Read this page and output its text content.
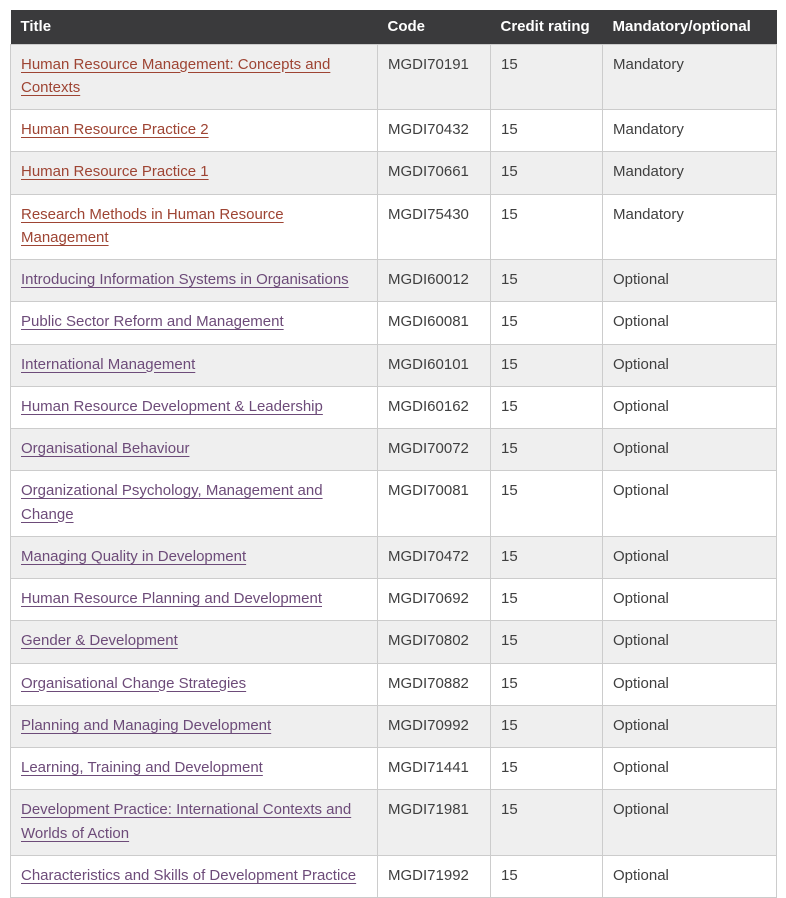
Title	Code	Credit rating	Mandatory/optional
Human Resource Management: Concepts and Contexts	MGDI70191	15	Mandatory
Human Resource Practice 2	MGDI70432	15	Mandatory
Human Resource Practice 1	MGDI70661	15	Mandatory
Research Methods in Human Resource Management	MGDI75430	15	Mandatory
Introducing Information Systems in Organisations	MGDI60012	15	Optional
Public Sector Reform and Management	MGDI60081	15	Optional
International Management	MGDI60101	15	Optional
Human Resource Development & Leadership	MGDI60162	15	Optional
Organisational Behaviour	MGDI70072	15	Optional
Organizational Psychology, Management and Change	MGDI70081	15	Optional
Managing Quality in Development	MGDI70472	15	Optional
Human Resource Planning and Development	MGDI70692	15	Optional
Gender & Development	MGDI70802	15	Optional
Organisational Change Strategies	MGDI70882	15	Optional
Planning and Managing Development	MGDI70992	15	Optional
Learning, Training and Development	MGDI71441	15	Optional
Development Practice: International Contexts and Worlds of Action	MGDI71981	15	Optional
Characteristics and Skills of Development Practice	MGDI71992	15	Optional
